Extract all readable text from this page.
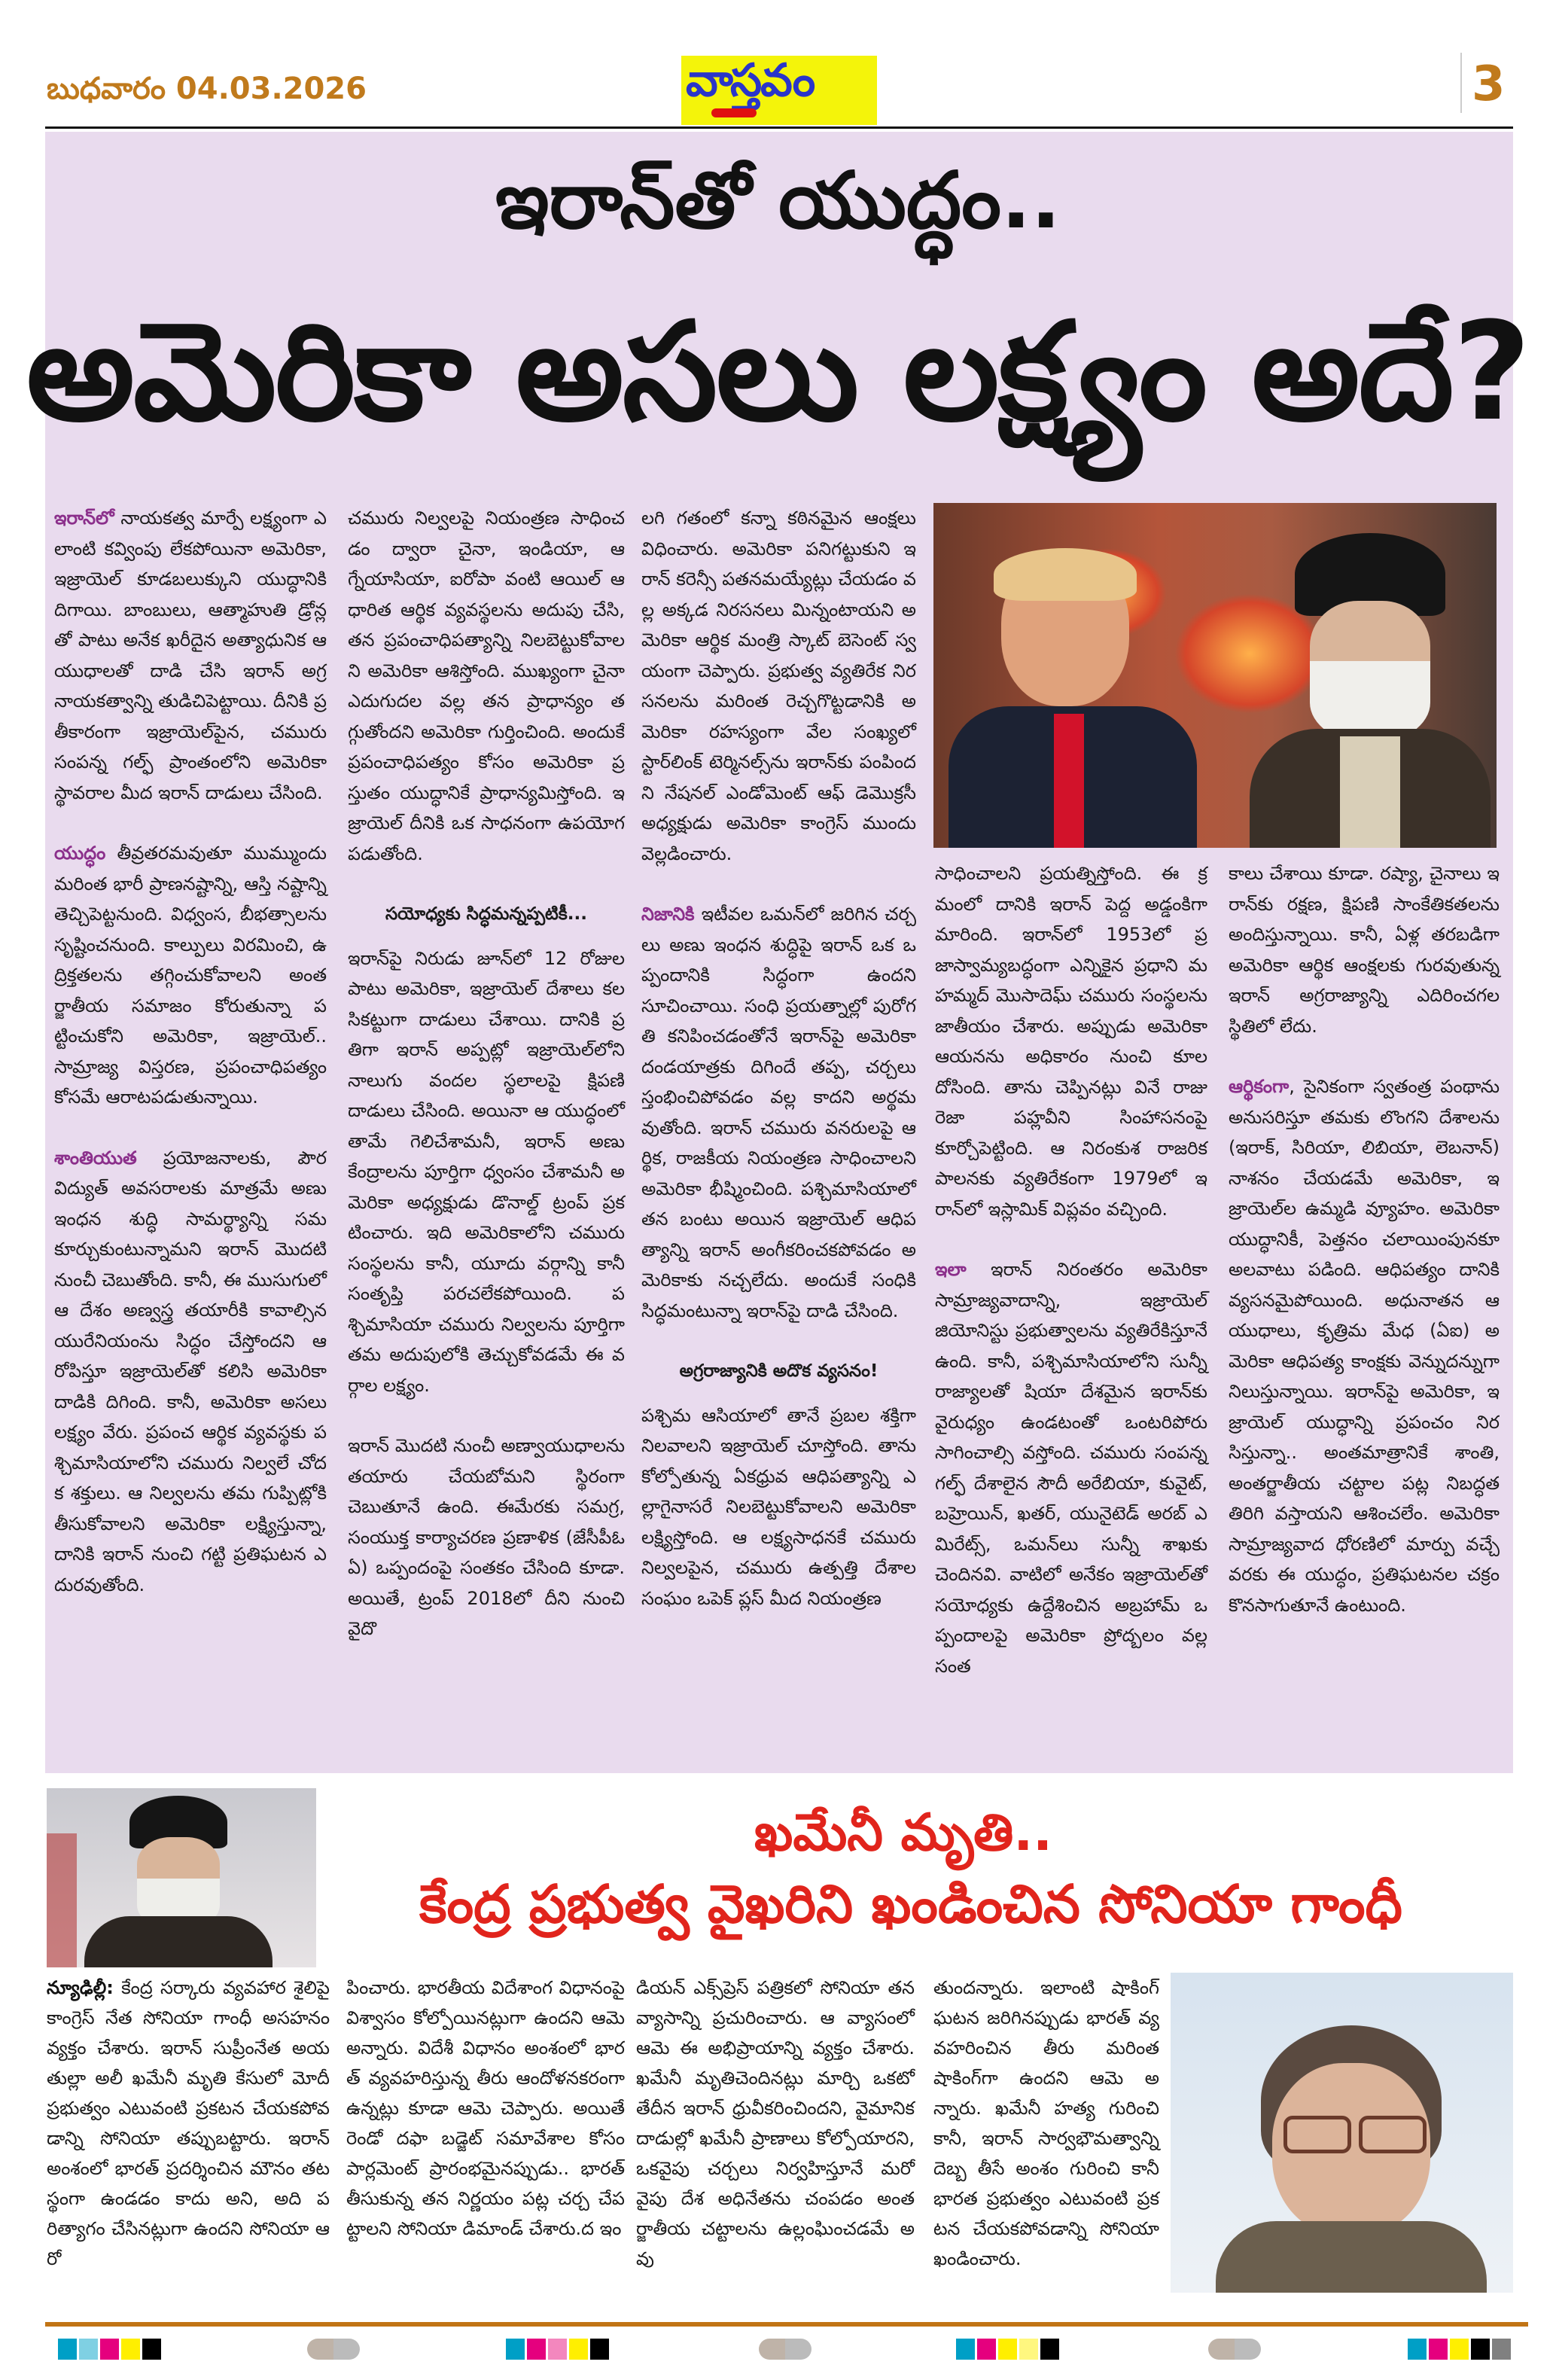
బుధవారం 04.03.2026	వాస్తవం	3
ఇరాన్‌తో యుద్ధం..
అమెరికా అసలు లక్ష్యం అదే?

ఇరాన్‌లో నాయకత్వ మార్పే లక్ష్యంగా ఎలాంటి కవ్వింపు లేకపోయినా అమెరికా, ఇజ్రాయెల్ కూడబలుక్కుని యుద్ధానికి దిగాయి. బాంబులు, ఆత్మాహుతి డ్రోన్లతో పాటు అనేక ఖరీదైన అత్యాధునిక ఆయుధాలతో దాడి చేసి ఇరాన్ అగ్ర నాయకత్వాన్ని తుడిచిపెట్టాయి. దీనికి ప్రతీకారంగా ఇజ్రాయెల్‌పైన, చమురు సంపన్న గల్ఫ్ ప్రాంతంలోని అమెరికా స్థావరాల మీద ఇరాన్ దాడులు చేసింది.

యుద్ధం తీవ్రతరమవుతూ ముమ్ముందు మరింత భారీ ప్రాణనష్టాన్ని, ఆస్తి నష్టాన్ని తెచ్చిపెట్టనుంది. విధ్వంస, బీభత్సాలను సృష్టించనుంది. కాల్పులు విరమించి, ఉద్రిక్తతలను తగ్గించుకోవాలని అంతర్జాతీయ సమాజం కోరుతున్నా పట్టించుకోని అమెరికా, ఇజ్రాయెల్.. సామ్రాజ్య విస్తరణ, ప్రపంచాధిపత్యం కోసమే ఆరాటపడుతున్నాయి.

శాంతియుత ప్రయోజనాలకు, పౌర విద్యుత్ అవసరాలకు మాత్రమే అణు ఇంధన శుద్ధి సామర్థ్యాన్ని సమకూర్చుకుంటున్నామని ఇరాన్ మొదటి నుంచీ చెబుతోంది. కానీ, ఈ ముసుగులో ఆ దేశం అణ్వస్త్ర తయారీకి కావాల్సిన యురేనియంను సిద్ధం చేస్తోందని ఆరోపిస్తూ ఇజ్రాయెల్‌తో కలిసి అమెరికా దాడికి దిగింది. కానీ, అమెరికా అసలు లక్ష్యం వేరు. ప్రపంచ ఆర్థిక వ్యవస్థకు పశ్చిమాసియాలోని చమురు నిల్వలే చోదక శక్తులు. ఆ నిల్వలను తమ గుప్పిట్లోకి తీసుకోవాలని అమెరికా లక్ష్యిస్తున్నా, దానికి ఇరాన్ నుంచి గట్టి ప్రతిఘటన ఎదురవుతోంది.

చమురు నిల్వలపై నియంత్రణ సాధించడం ద్వారా చైనా, ఇండియా, ఆగ్నేయాసియా, ఐరోపా వంటి ఆయిల్ ఆధారిత ఆర్థిక వ్యవస్థలను అదుపు చేసి, తన ప్రపంచాధిపత్యాన్ని నిలబెట్టుకోవాలని అమెరికా ఆశిస్తోంది. ముఖ్యంగా చైనా ఎదుగుదల వల్ల తన ప్రాధాన్యం తగ్గుతోందని అమెరికా గుర్తించింది. అందుకే ప్రపంచాధిపత్యం కోసం అమెరికా ప్రస్తుతం యుద్ధానికే ప్రాధాన్యమిస్తోంది. ఇజ్రాయెల్ దీనికి ఒక సాధనంగా ఉపయోగపడుతోంది.

సయోధ్యకు సిద్ధమన్నప్పటికీ...

ఇరాన్‌పై నిరుడు జూన్‌లో 12 రోజులపాటు అమెరికా, ఇజ్రాయెల్ దేశాలు కలసికట్టుగా దాడులు చేశాయి. దానికి ప్రతిగా ఇరాన్ అప్పట్లో ఇజ్రాయెల్‌లోని నాలుగు వందల స్థలాలపై క్షిపణి దాడులు చేసింది. అయినా ఆ యుద్ధంలో తామే గెలిచేశామనీ, ఇరాన్ అణు కేంద్రాలను పూర్తిగా ధ్వంసం చేశామనీ అమెరికా అధ్యక్షుడు డొనాల్డ్ ట్రంప్ ప్రకటించారు. ఇది అమెరికాలోని చమురు సంస్థలను కానీ, యూదు వర్గాన్ని కానీ సంతృప్తి పరచలేకపోయింది. పశ్చిమాసియా చమురు నిల్వలను పూర్తిగా తమ అదుపులోకి తెచ్చుకోవడమే ఈ వర్గాల లక్ష్యం.

ఇరాన్ మొదటి నుంచీ అణ్వాయుధాలను తయారు చేయబోమని స్థిరంగా చెబుతూనే ఉంది. ఈమేరకు సమగ్ర, సంయుక్త కార్యాచరణ ప్రణాళిక (జేసీపీఓఏ) ఒప్పందంపై సంతకం చేసింది కూడా. అయితే, ట్రంప్ 2018లో దీని నుంచి వైదొ

లగి గతంలో కన్నా కఠినమైన ఆంక్షలు విధించారు. అమెరికా పనిగట్టుకుని ఇరాన్ కరెన్సీ పతనమయ్యేట్లు చేయడం వల్ల అక్కడ నిరసనలు మిన్నంటాయని అమెరికా ఆర్థిక మంత్రి స్కాట్ బెసెంట్ స్వయంగా చెప్పారు. ప్రభుత్వ వ్యతిరేక నిరసనలను మరింత రెచ్చగొట్టడానికి అమెరికా రహస్యంగా వేల సంఖ్యలో స్టార్‌లింక్ టెర్మినల్స్‌ను ఇరాన్‌కు పంపిందని నేషనల్ ఎండోమెంట్ ఆఫ్ డెమొక్రసీ అధ్యక్షుడు అమెరికా కాంగ్రెస్ ముందు వెల్లడించారు.

నిజానికి ఇటీవల ఒమన్‌లో జరిగిన చర్చలు అణు ఇంధన శుద్ధిపై ఇరాన్ ఒక ఒప్పందానికి సిద్ధంగా ఉందని సూచించాయి. సంధి ప్రయత్నాల్లో పురోగతి కనిపించడంతోనే ఇరాన్‌పై అమెరికా దండయాత్రకు దిగిందే తప్ప, చర్చలు స్తంభించిపోవడం వల్ల కాదని అర్థమవుతోంది. ఇరాన్ చమురు వనరులపై ఆర్థిక, రాజకీయ నియంత్రణ సాధించాలని అమెరికా భీష్మించింది. పశ్చిమాసియాలో తన బంటు అయిన ఇజ్రాయెల్ ఆధిపత్యాన్ని ఇరాన్ అంగీకరించకపోవడం అమెరికాకు నచ్చలేదు. అందుకే సంధికి సిద్ధమంటున్నా ఇరాన్‌పై దాడి చేసింది.

అగ్రరాజ్యానికి అదొక వ్యసనం!

పశ్చిమ ఆసియాలో తానే ప్రబల శక్తిగా నిలవాలని ఇజ్రాయెల్ చూస్తోంది. తాను కోల్పోతున్న ఏకధ్రువ ఆధిపత్యాన్ని ఎల్లాగైనాసరే నిలబెట్టుకోవాలని అమెరికా లక్ష్యిస్తోంది. ఆ లక్ష్యసాధనకే చమురు నిల్వలపైన, చమురు ఉత్పత్తి దేశాల సంఘం ఒపెక్ ప్లస్ మీద నియంత్రణ

సాధించాలని ప్రయత్నిస్తోంది. ఈ క్రమంలో దానికి ఇరాన్ పెద్ద అడ్డంకిగా మారింది. ఇరాన్‌లో 1953లో ప్రజాస్వామ్యబద్ధంగా ఎన్నికైన ప్రధాని మహమ్మద్ మొసాదెఘ్ చమురు సంస్థలను జాతీయం చేశారు. అప్పుడు అమెరికా ఆయనను అధికారం నుంచి కూలదోసింది. తాను చెప్పినట్లు వినే రాజు రెజా పహ్లవీని సింహాసనంపై కూర్చోపెట్టింది. ఆ నిరంకుశ రాజరిక పాలనకు వ్యతిరేకంగా 1979లో ఇరాన్‌లో ఇస్లామిక్ విప్లవం వచ్చింది.

ఇలా ఇరాన్ నిరంతరం అమెరికా సామ్రాజ్యవాదాన్ని, ఇజ్రాయెల్ జియోనిస్టు ప్రభుత్వాలను వ్యతిరేకిస్తూనే ఉంది. కానీ, పశ్చిమాసియాలోని సున్నీ రాజ్యాలతో షియా దేశమైన ఇరాన్‌కు వైరుధ్యం ఉండటంతో ఒంటరిపోరు సాగించాల్సి వస్తోంది. చమురు సంపన్న గల్ఫ్ దేశాలైన సౌదీ అరేబియా, కువైట్, బహ్రెయిన్, ఖతర్, యునైటెడ్ అరబ్ ఎమిరేట్స్, ఒమన్‌లు సున్నీ శాఖకు చెందినవి. వాటిలో అనేకం ఇజ్రాయెల్‌తో సయోధ్యకు ఉద్దేశించిన అబ్రహామ్ ఒప్పందాలపై అమెరికా ప్రోద్బలం వల్ల సంత

కాలు చేశాయి కూడా. రష్యా, చైనాలు ఇరాన్‌కు రక్షణ, క్షిపణి సాంకేతికతలను అందిస్తున్నాయి. కానీ, ఏళ్ల తరబడిగా అమెరికా ఆర్థిక ఆంక్షలకు గురవుతున్న ఇరాన్ అగ్రరాజ్యాన్ని ఎదిరించగల స్థితిలో లేదు.

ఆర్థికంగా, సైనికంగా స్వతంత్ర పంథాను అనుసరిస్తూ తమకు లొంగని దేశాలను (ఇరాక్, సిరియా, లిబియా, లెబనాన్) నాశనం చేయడమే అమెరికా, ఇజ్రాయెల్‌ల ఉమ్మడి వ్యూహం. అమెరికా యుద్ధానికీ, పెత్తనం చలాయింపునకూ అలవాటు పడింది. ఆధిపత్యం దానికి వ్యసనమైపోయింది. అధునాతన ఆయుధాలు, కృత్రిమ మేధ (ఏఐ) అమెరికా ఆధిపత్య కాంక్షకు వెన్నుదన్నుగా నిలుస్తున్నాయి. ఇరాన్‌పై అమెరికా, ఇజ్రాయెల్ యుద్ధాన్ని ప్రపంచం నిరసిస్తున్నా.. అంతమాత్రానికే శాంతి, అంతర్జాతీయ చట్టాల పట్ల నిబద్ధత తిరిగి వస్తాయని ఆశించలేం. అమెరికా సామ్రాజ్యవాద ధోరణిలో మార్పు వచ్చే వరకు ఈ యుద్ధం, ప్రతిఘటనల చక్రం కొనసాగుతూనే ఉంటుంది.

ఖమేనీ మృతి..
కేంద్ర ప్రభుత్వ వైఖరిని ఖండించిన సోనియా గాంధీ

న్యూఢిల్లీ: కేంద్ర సర్కారు వ్యవహార శైలిపై కాంగ్రెస్ నేత సోనియా గాంధీ అసహనం వ్యక్తం చేశారు. ఇరాన్ సుప్రీంనేత అయతుల్లా అలీ ఖమేనీ మృతి కేసులో మోదీ ప్రభుత్వం ఎటువంటి ప్రకటన చేయకపోవడాన్ని సోనియా తప్పుబట్టారు. ఇరాన్ అంశంలో భారత్ ప్రదర్శించిన మౌనం తటస్థంగా ఉండడం కాదు అని, అది పరిత్యాగం చేసినట్లుగా ఉందని సోనియా ఆరో

పించారు. భారతీయ విదేశాంగ విధానంపై విశ్వాసం కోల్పోయినట్లుగా ఉందని ఆమె అన్నారు. విదేశీ విధానం అంశంలో భారత్ వ్యవహరిస్తున్న తీరు ఆందోళనకరంగా ఉన్నట్లు కూడా ఆమె చెప్పారు. అయితే రెండో దఫా బడ్జెట్ సమావేశాల కోసం పార్లమెంట్ ప్రారంభమైనప్పుడు.. భారత్ తీసుకున్న తన నిర్ణయం పట్ల చర్చ చేపట్టాలని సోనియా డిమాండ్ చేశారు.ద ఇం

డియన్ ఎక్స్‌ప్రెస్ పత్రికలో సోనియా తన వ్యాసాన్ని ప్రచురించారు. ఆ వ్యాసంలో ఆమె ఈ అభిప్రాయాన్ని వ్యక్తం చేశారు. ఖమేనీ మృతిచెందినట్లు మార్చి ఒకటో తేదీన ఇరాన్ ధ్రువీకరించిందని, వైమానిక దాడుల్లో ఖమేనీ ప్రాణాలు కోల్పోయారని, ఒకవైపు చర్చలు నిర్వహిస్తూనే మరో వైపు దేశ అధినేతను చంపడం అంతర్జాతీయ చట్టాలను ఉల్లంఘించడమే అవు

తుందన్నారు. ఇలాంటి షాకింగ్ ఘటన జరిగినప్పుడు భారత్ వ్యవహరించిన తీరు మరింత షాకింగ్‌గా ఉందని ఆమె అన్నారు. ఖమేనీ హత్య గురించి కానీ, ఇరాన్ సార్వభౌమత్వాన్ని దెబ్బ తీసే అంశం గురించి కానీ భారత ప్రభుత్వం ఎటువంటి ప్రకటన చేయకపోవడాన్ని సోనియా ఖండించారు.
